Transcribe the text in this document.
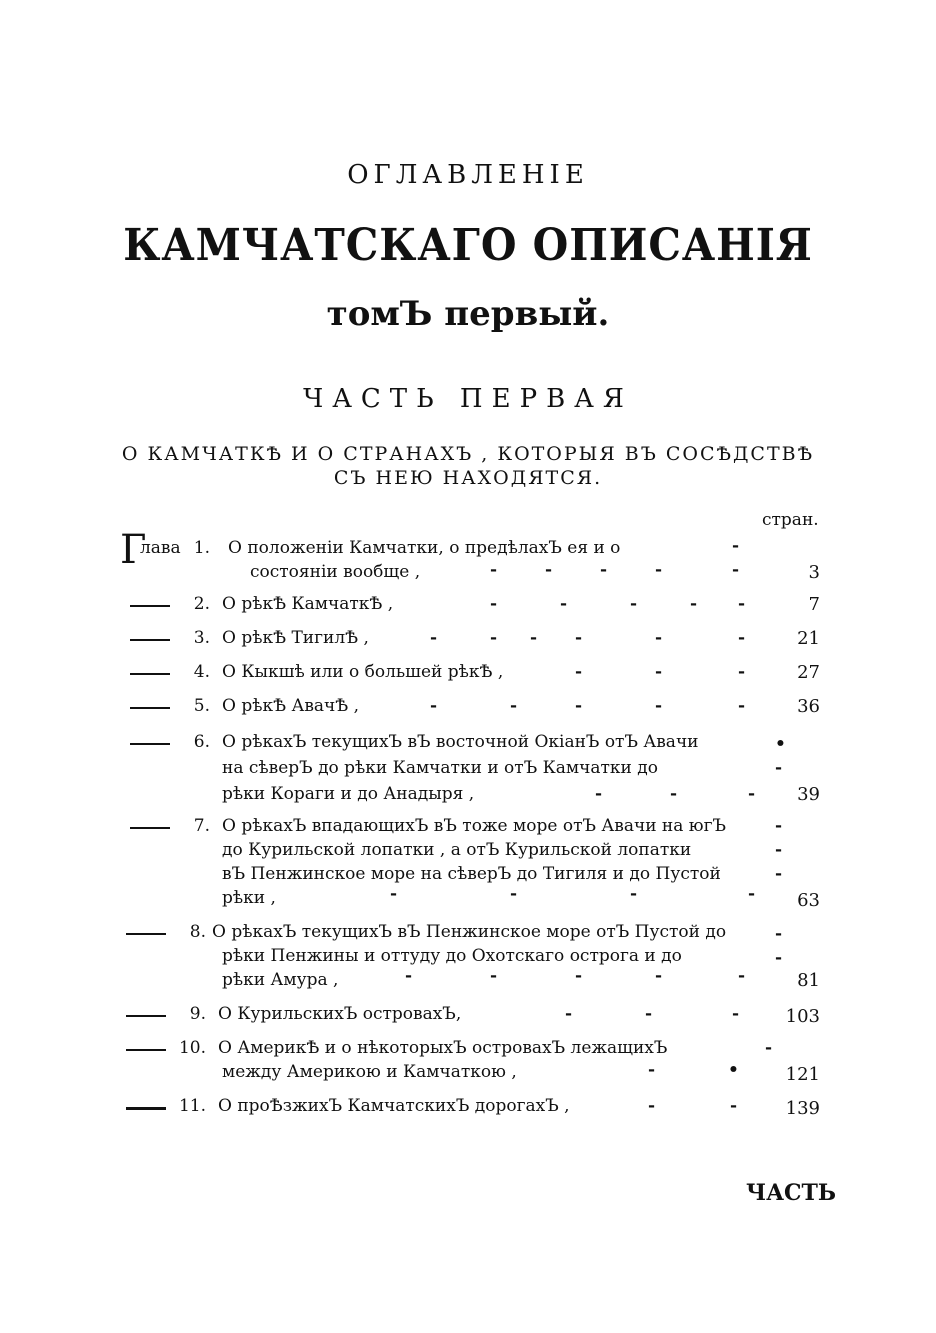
ОГЛАВЛЕНІЕ
КАМЧАТСКАГО ОПИСАНІЯ
томЪ первый.
ЧАСТЬ ПЕРВАЯ
О КАМЧАТКѢ И О СТРАНАХЪ , КОТОРЫЯ ВЪ СОСѢДСТВѢ
СЪ НЕЮ НАХОДЯТСЯ.
стран.
Г
лава 1. О положеніи Камчатки, о предѣлахЪ ея и о
состояніи вообще ,	-	-	-	-
-
-	3
2. О рѣкѢ КамчаткѢ ,	-	-	-	- -	7
3. О рѣкѢ ТигилѢ ,	-	- - -	-	-	21
4. О Кыкшѣ или о большей рѣкѢ ,	-	-	-	27
5. О рѣкѢ АвачѢ ,	-	-	-	-	-	36
6. О рѣкахЪ текущихЪ вЪ восточной ОкіанЪ отЪ Авачи
на сѣверЪ до рѣки Камчатки и отЪ Камчатки до
рѣки Кораги и до Анадыря ,
•
-
-	-	- 39
7. О рѣкахЪ впадающихЪ вЪ тоже море отЪ Авачи на югЪ
до Курильской лопатки , а отЪ Курильской лопатки
вЪ Пенжинское море на сѣверЪ до Тигиля и до Пустой
рѣки ,
-
-
-
-	-	-	- 63
8. О рѣкахЪ текущихЪ вЪ Пенжинское море отЪ Пустой до
рѣки Пенжины и оттуду до Охотскаго острога и до
рѣки Амура ,
-
-
-	-	-	-	-	81
9. О КурильскихЪ островахЪ,	-	-	-	103
10. О АмерикѢ и о нѣкоторыхЪ островахЪ лежащихЪ
между Америкою и Камчаткою ,
-
-	•	121
11. О проѢзжихЪ КамчатскихЪ дорогахЪ ,	-	-	139
ЧАСТЬ
